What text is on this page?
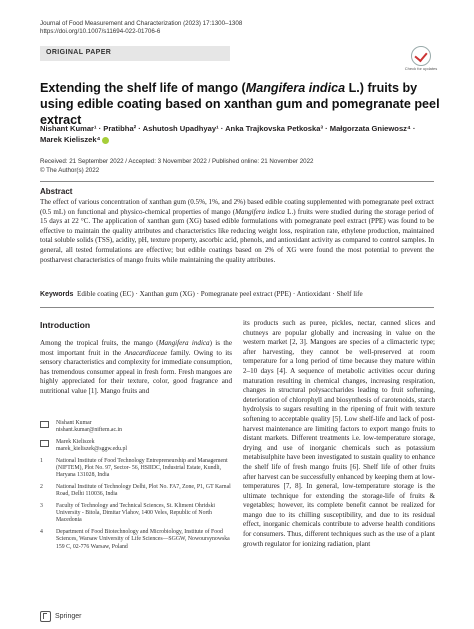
Journal of Food Measurement and Characterization (2023) 17:1300–1308
https://doi.org/10.1007/s11694-022-01706-6
ORIGINAL PAPER
Check for updates
Extending the shelf life of mango (Mangifera indica L.) fruits by using edible coating based on xanthan gum and pomegranate peel extract
Nishant Kumar¹ · Pratibha² · Ashutosh Upadhyay¹ · Anka Trajkovska Petkoska³ · Małgorzata Gniewosz⁴ ·
Marek Kieliszek⁴
Received: 21 September 2022 / Accepted: 3 November 2022 / Published online: 21 November 2022
© The Author(s) 2022
Abstract
The effect of various concentration of xanthan gum (0.5%, 1%, and 2%) based edible coating supplemented with pomegranate peel extract (0.5 mL) on functional and physico-chemical properties of mango (Mangifera indica L.) fruits were studied during the storage period of 15 days at 22 °C. The application of xanthan gum (XG) based edible formulations with pomegranate peel extract (PPE) was found to be effective to maintain the quality attributes and characteristics like reducing weight loss, respiration rate, ethylene production, maintained total soluble solids (TSS), acidity, pH, texture property, ascorbic acid, phenols, and antioxidant activity as compared to control samples. In general, all tested formulations are effective; but edible coatings based on 2% of XG were found the most potential to prevent the postharvest characteristics of mango fruits while maintaining the quality attributes.
Keywords Edible coating (EC) · Xanthan gum (XG) · Pomegranate peel extract (PPE) · Antioxidant · Shelf life
Introduction
Among the tropical fruits, the mango (Mangifera indica) is the most important fruit in the Anacardiaceae family. Owing to its sensory characteristics and complexity for immediate consumption, has tremendous consumer appeal in fresh form. Fresh mangoes are highly appreciated for their texture, color, good fragrance and nutritional value [1]. Mango fruits and
its products such as puree, pickles, nectar, canned slices and chutneys are popular globally and increasing in value on the western market [2, 3]. Mangoes are species of a climacteric type; after harvesting, they cannot be well-preserved at room temperature for a long period of time because they mature within 2–10 days [4]. A sequence of metabolic activities occur during maturation resulting in chemical changes, increasing respiration, changes in structural polysaccharides leading to fruit softening, deterioration of chlorophyll and biosynthesis of carotenoids, starch hydrolysis to sugars resulting in the ripening of fruit with texture softening to acceptable quality [5]. Low shelf-life and lack of post-harvest maintenance are limiting factors to export mango fruits to distant markets. Different treatments i.e. low-temperature storage, drying and use of inorganic chemicals such as potassium metabisulphite have been investigated to sustain quality to enhance the shelf life of fresh mango fruits [6]. Shelf life of other fruits after harvest can be successfully enhanced by keeping them at low-temperatures [7, 8]. In general, low-temperature storage is the ultimate technique for extending the storage-life of fruits & vegetables; however, its complete benefit cannot be realized for mango due to its chilling susceptibility, and due to its residual effect, inorganic chemicals contribute to adverse health conditions for consumers. Thus, different techniques such as the use of a plant growth regulator for ionizing radiation, plant
Nishant Kumar
nishant.kumar@niftem.ac.in
Marek Kieliszek
marek_kieliszek@sggw.edu.pl
1 National Institute of Food Technology Entrepreneurship and Management (NIFTEM), Plot No. 97, Sector- 56, HSIIDC, Industrial Estate, Kundli, Haryana 131028, India
2 National Institute of Technology Delhi, Plot No. FA7, Zone, P1, GT Karnal Road, Delhi 110036, India
3 Faculty of Technology and Technical Sciences, St. Kliment Ohridski University - Bitola, Dimitar Vlahov, 1400 Veles, Republic of North Macedonia
4 Department of Food Biotechnology and Microbiology, Institute of Food Sciences, Warsaw University of Life Sciences—SGGW, Nowoursynowska 159 C, 02-776 Warsaw, Poland
Springer
